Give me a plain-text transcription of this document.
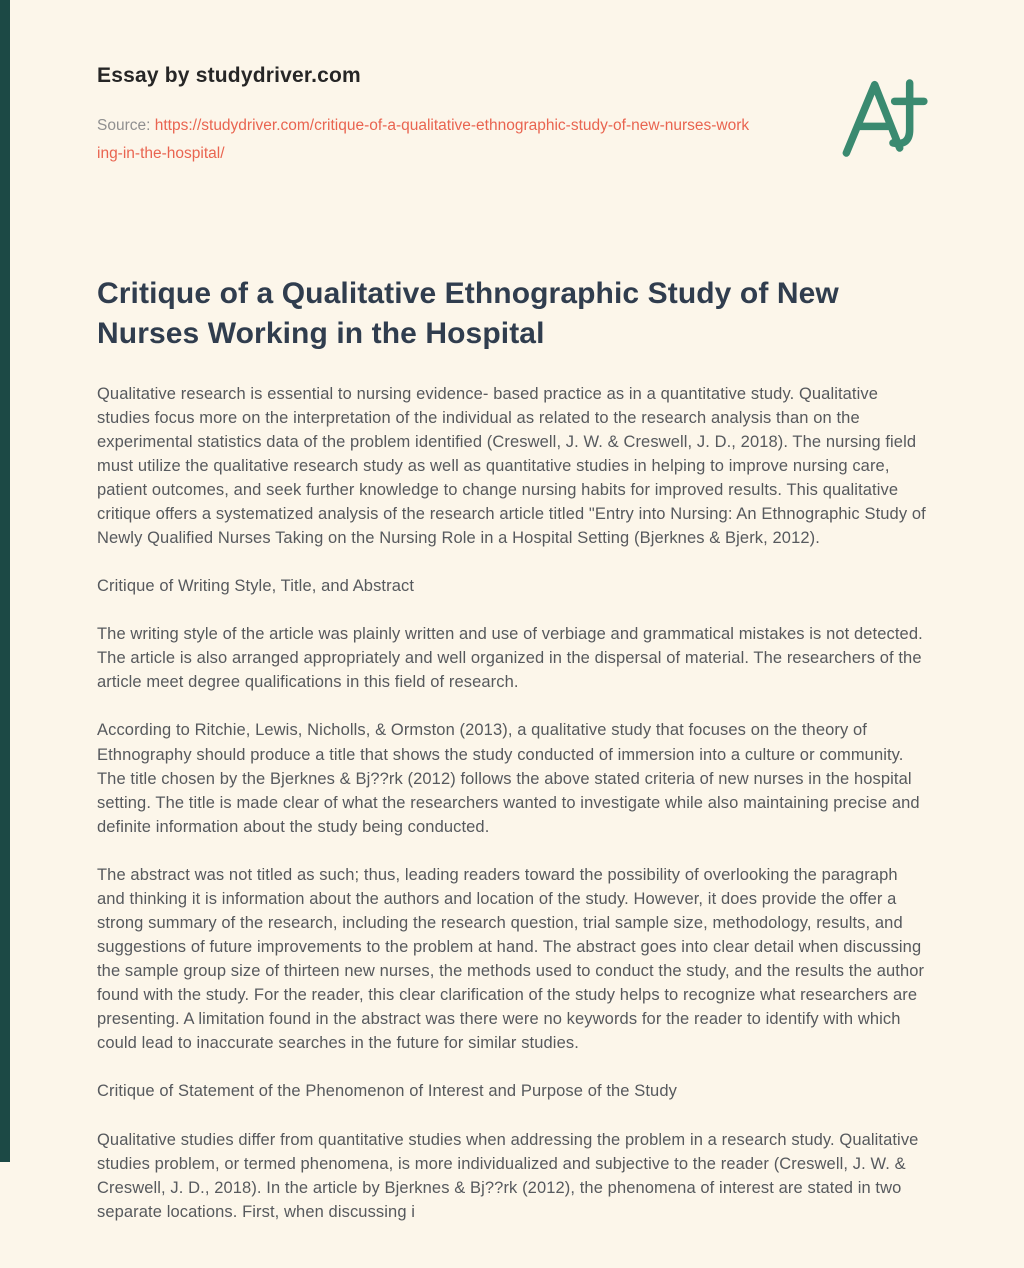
Essay by studydriver.com
Source: https://studydriver.com/critique-of-a-qualitative-ethnographic-study-of-new-nurses-working-in-the-hospital/
Critique of a Qualitative Ethnographic Study of New Nurses Working in the Hospital

Qualitative research is essential to nursing evidence- based practice as in a quantitative study. Qualitative studies focus more on the interpretation of the individual as related to the research analysis than on the experimental statistics data of the problem identified (Creswell, J. W. & Creswell, J. D., 2018). The nursing field must utilize the qualitative research study as well as quantitative studies in helping to improve nursing care, patient outcomes, and seek further knowledge to change nursing habits for improved results. This qualitative critique offers a systematized analysis of the research article titled "Entry into Nursing: An Ethnographic Study of Newly Qualified Nurses Taking on the Nursing Role in a Hospital Setting (Bjerknes & Bjerk, 2012).

Critique of Writing Style, Title, and Abstract

The writing style of the article was plainly written and use of verbiage and grammatical mistakes is not detected. The article is also arranged appropriately and well organized in the dispersal of material. The researchers of the article meet degree qualifications in this field of research.

According to Ritchie, Lewis, Nicholls, & Ormston (2013), a qualitative study that focuses on the theory of Ethnography should produce a title that shows the study conducted of immersion into a culture or community. The title chosen by the Bjerknes & Bj??rk (2012) follows the above stated criteria of new nurses in the hospital setting. The title is made clear of what the researchers wanted to investigate while also maintaining precise and definite information about the study being conducted.

The abstract was not titled as such; thus, leading readers toward the possibility of overlooking the paragraph and thinking it is information about the authors and location of the study. However, it does provide the offer a strong summary of the research, including the research question, trial sample size, methodology, results, and suggestions of future improvements to the problem at hand. The abstract goes into clear detail when discussing the sample group size of thirteen new nurses, the methods used to conduct the study, and the results the author found with the study. For the reader, this clear clarification of the study helps to recognize what researchers are presenting. A limitation found in the abstract was there were no keywords for the reader to identify with which could lead to inaccurate searches in the future for similar studies.

Critique of Statement of the Phenomenon of Interest and Purpose of the Study

Qualitative studies differ from quantitative studies when addressing the problem in a research study. Qualitative studies problem, or termed phenomena, is more individualized and subjective to the reader (Creswell, J. W. & Creswell, J. D., 2018). In the article by Bjerknes & Bj??rk (2012), the phenomena of interest are stated in two separate locations. First, when discussing i
